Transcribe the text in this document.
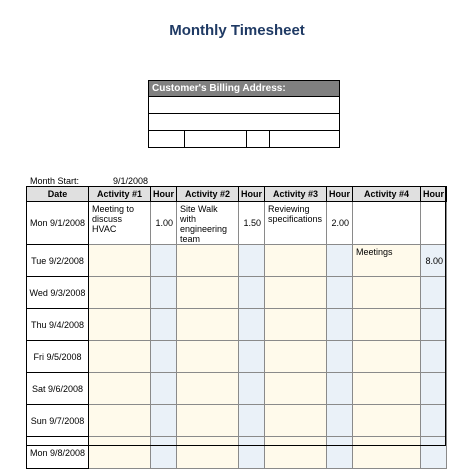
Monthly Timesheet
Customer's Billing Address:
Month Start:	9/1/2008
Date	Activity #1	Hour	Activity #2	Hour	Activity #3	Hour	Activity #4	Hour
Mon 9/1/2008	Meeting to discuss HVAC	1.00	Site Walk with engineering team	1.50	Reviewing specifications	2.00		
Tue 9/2/2008							Meetings	8.00
Wed 9/3/2008								
Thu 9/4/2008								
Fri 9/5/2008								
Sat 9/6/2008								
Sun 9/7/2008								
Mon 9/8/2008								
